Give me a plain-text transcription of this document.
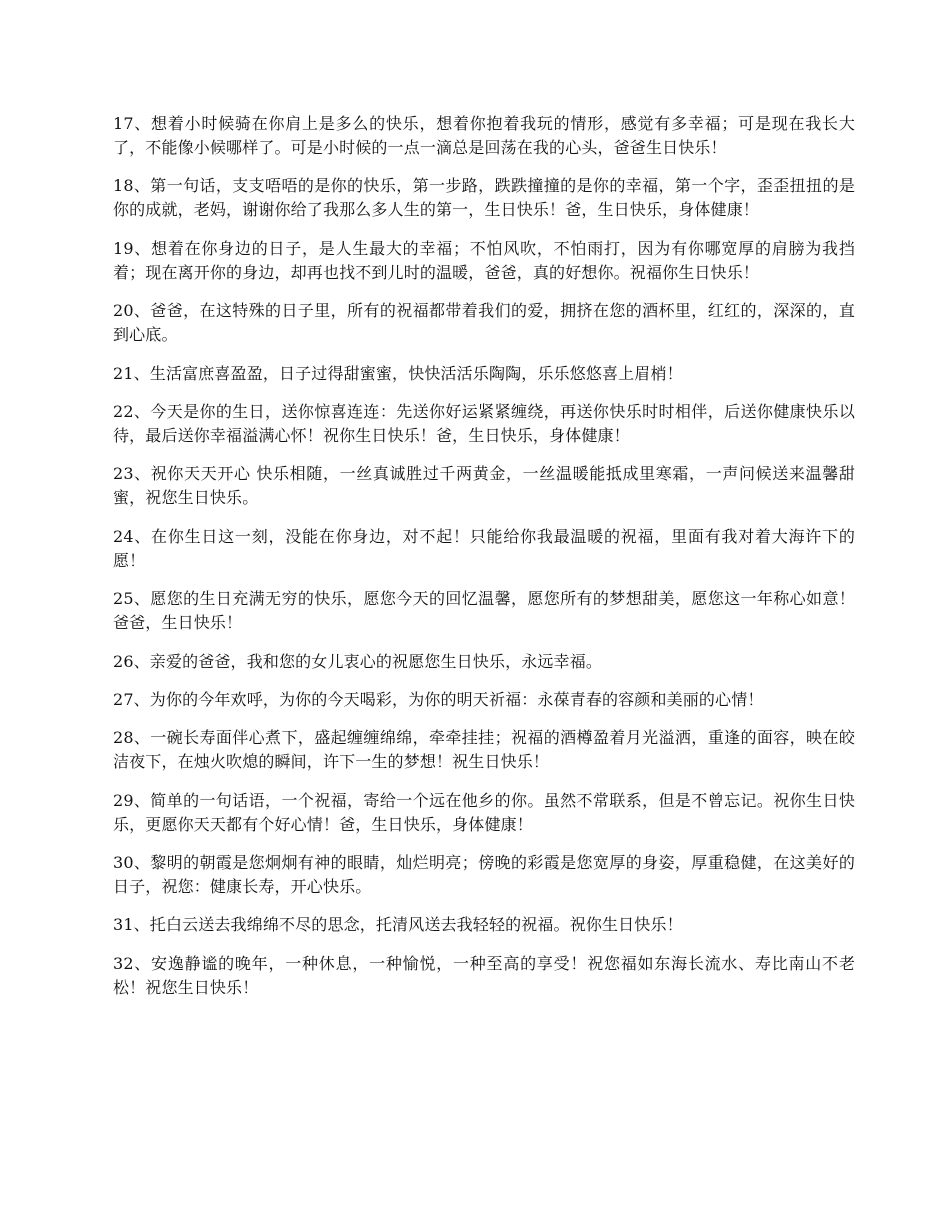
17、想着小时候骑在你肩上是多么的快乐，想着你抱着我玩的情形，感觉有多幸福；可是现在我长大了，不能像小候哪样了。可是小时候的一点一滴总是回荡在我的心头，爸爸生日快乐！

18、第一句话，支支唔唔的是你的快乐，第一步路，跌跌撞撞的是你的幸福，第一个字，歪歪扭扭的是你的成就，老妈，谢谢你给了我那么多人生的第一，生日快乐！爸，生日快乐，身体健康！

19、想着在你身边的日子，是人生最大的幸福；不怕风吹，不怕雨打，因为有你哪宽厚的肩膀为我挡着；现在离开你的身边，却再也找不到儿时的温暖，爸爸，真的好想你。祝福你生日快乐！

20、爸爸，在这特殊的日子里，所有的祝福都带着我们的爱，拥挤在您的酒杯里，红红的，深深的，直到心底。

21、生活富庶喜盈盈，日子过得甜蜜蜜，快快活活乐陶陶，乐乐悠悠喜上眉梢！

22、今天是你的生日，送你惊喜连连：先送你好运紧紧缠绕，再送你快乐时时相伴，后送你健康快乐以待，最后送你幸福溢满心怀！祝你生日快乐！爸，生日快乐，身体健康！

23、祝你天天开心 快乐相随，一丝真诚胜过千两黄金，一丝温暖能抵成里寒霜，一声问候送来温馨甜蜜，祝您生日快乐。

24、在你生日这一刻，没能在你身边，对不起！只能给你我最温暖的祝福，里面有我对着大海许下的愿！

25、愿您的生日充满无穷的快乐，愿您今天的回忆温馨，愿您所有的梦想甜美，愿您这一年称心如意！爸爸，生日快乐！

26、亲爱的爸爸，我和您的女儿衷心的祝愿您生日快乐，永远幸福。

27、为你的今年欢呼，为你的今天喝彩，为你的明天祈福：永葆青春的容颜和美丽的心情！

28、一碗长寿面伴心煮下，盛起缠缠绵绵，牵牵挂挂；祝福的酒樽盈着月光溢洒，重逢的面容，映在皎洁夜下，在烛火吹熄的瞬间，许下一生的梦想！祝生日快乐！

29、简单的一句话语，一个祝福，寄给一个远在他乡的你。虽然不常联系，但是不曾忘记。祝你生日快乐，更愿你天天都有个好心情！爸，生日快乐，身体健康！

30、黎明的朝霞是您炯炯有神的眼睛，灿烂明亮；傍晚的彩霞是您宽厚的身姿，厚重稳健，在这美好的日子，祝您：健康长寿，开心快乐。

31、托白云送去我绵绵不尽的思念，托清风送去我轻轻的祝福。祝你生日快乐！

32、安逸静谧的晚年，一种休息，一种愉悦，一种至高的享受！祝您福如东海长流水、寿比南山不老松！祝您生日快乐！
